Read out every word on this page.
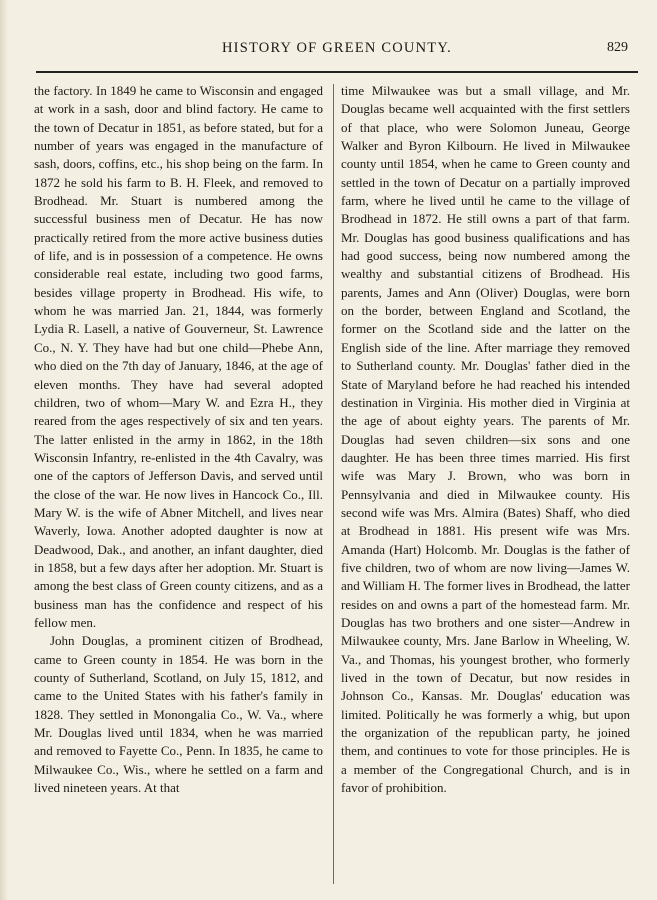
HISTORY OF GREEN COUNTY.	829

the factory. In 1849 he came to Wisconsin and engaged at work in a sash, door and blind factory. He came to the town of Decatur in 1851, as before stated, but for a number of years was engaged in the manufacture of sash, doors, coffins, etc., his shop being on the farm. In 1872 he sold his farm to B. H. Fleek, and removed to Brodhead. Mr. Stuart is numbered among the successful business men of Decatur. He has now practically retired from the more active business duties of life, and is in possession of a competence. He owns considerable real estate, including two good farms, besides village property in Brodhead. His wife, to whom he was married Jan. 21, 1844, was formerly Lydia R. Lasell, a native of Gouverneur, St. Lawrence Co., N. Y. They have had but one child—Phebe Ann, who died on the 7th day of January, 1846, at the age of eleven months. They have had several adopted children, two of whom—Mary W. and Ezra H., they reared from the ages respectively of six and ten years. The latter enlisted in the army in 1862, in the 18th Wisconsin Infantry, re-enlisted in the 4th Cavalry, was one of the captors of Jefferson Davis, and served until the close of the war. He now lives in Hancock Co., Ill. Mary W. is the wife of Abner Mitchell, and lives near Waverly, Iowa. Another adopted daughter is now at Deadwood, Dak., and another, an infant daughter, died in 1858, but a few days after her adoption. Mr. Stuart is among the best class of Green county citizens, and as a business man has the confidence and respect of his fellow men.

John Douglas, a prominent citizen of Brodhead, came to Green county in 1854. He was born in the county of Sutherland, Scotland, on July 15, 1812, and came to the United States with his father's family in 1828. They settled in Monongalia Co., W. Va., where Mr. Douglas lived until 1834, when he was married and removed to Fayette Co., Penn. In 1835, he came to Milwaukee Co., Wis., where he settled on a farm and lived nineteen years. At that

time Milwaukee was but a small village, and Mr. Douglas became well acquainted with the first settlers of that place, who were Solomon Juneau, George Walker and Byron Kilbourn. He lived in Milwaukee county until 1854, when he came to Green county and settled in the town of Decatur on a partially improved farm, where he lived until he came to the village of Brodhead in 1872. He still owns a part of that farm. Mr. Douglas has good business qualifications and has had good success, being now numbered among the wealthy and substantial citizens of Brodhead. His parents, James and Ann (Oliver) Douglas, were born on the border, between England and Scotland, the former on the Scotland side and the latter on the English side of the line. After marriage they removed to Sutherland county. Mr. Douglas' father died in the State of Maryland before he had reached his intended destination in Virginia. His mother died in Virginia at the age of about eighty years. The parents of Mr. Douglas had seven children—six sons and one daughter. He has been three times married. His first wife was Mary J. Brown, who was born in Pennsylvania and died in Milwaukee county. His second wife was Mrs. Almira (Bates) Shaff, who died at Brodhead in 1881. His present wife was Mrs. Amanda (Hart) Holcomb. Mr. Douglas is the father of five children, two of whom are now living—James W. and William H. The former lives in Brodhead, the latter resides on and owns a part of the homestead farm. Mr. Douglas has two brothers and one sister—Andrew in Milwaukee county, Mrs. Jane Barlow in Wheeling, W. Va., and Thomas, his youngest brother, who formerly lived in the town of Decatur, but now resides in Johnson Co., Kansas. Mr. Douglas' education was limited. Politically he was formerly a whig, but upon the organization of the republican party, he joined them, and continues to vote for those principles. He is a member of the Congregational Church, and is in favor of prohibition.
